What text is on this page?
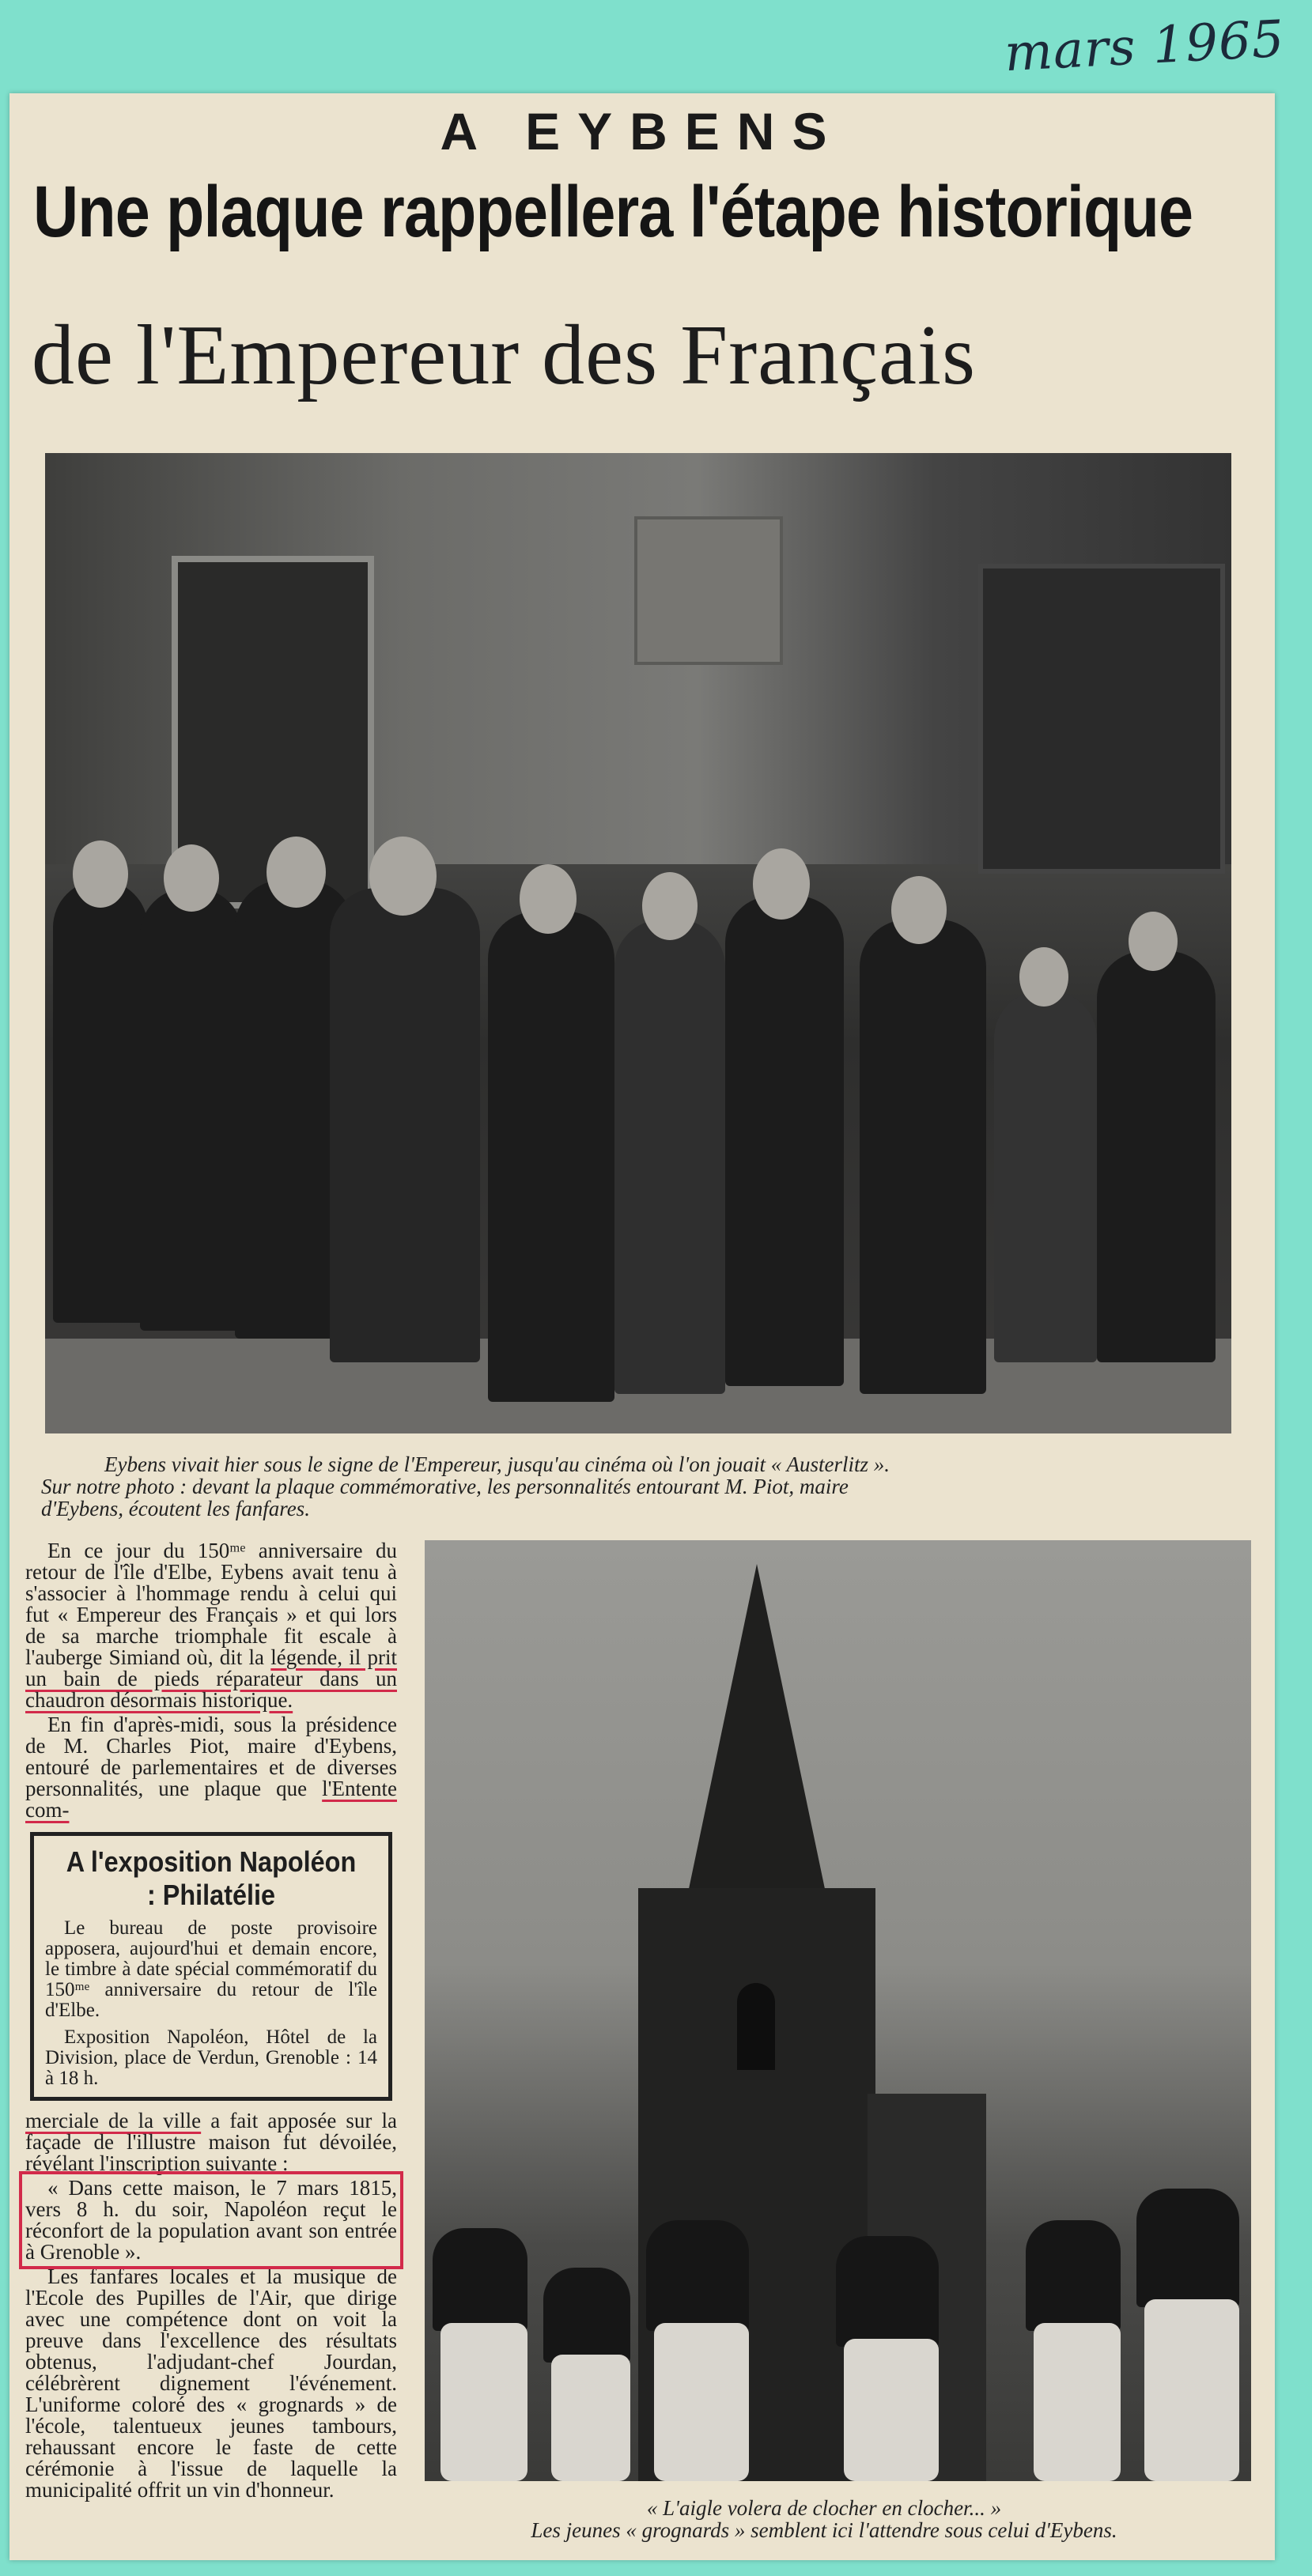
mars 1965
A EYBENS
Une plaque rappellera l'étape historique
de l'Empereur des Français

Eybens vivait hier sous le signe de l'Empereur, jusqu'au cinéma où l'on jouait « Austerlitz ».

Sur notre photo : devant la plaque commémorative, les personnalités entourant M. Piot, maire

d'Eybens, écoutent les fanfares.

En ce jour du 150ᵐᵉ anniversaire du retour de l'île d'Elbe, Eybens avait tenu à s'associer à l'hommage rendu à celui qui fut « Empereur des Français » et qui lors de sa marche triomphale fit escale à l'auberge Simiand où, dit la légende, il prit un bain de pieds réparateur dans un chaudron désormais historique.

En fin d'après-midi, sous la présidence de M. Charles Piot, maire d'Eybens, entouré de parlementaires et de diverses personnalités, une plaque que l'Entente com-

A l'exposition Napoléon : Philatélie

Le bureau de poste provisoire apposera, aujourd'hui et demain encore, le timbre à date spécial commémoratif du 150ᵐᵉ anniversaire du retour de l'île d'Elbe.

Exposition Napoléon, Hôtel de la Division, place de Verdun, Grenoble : 14 à 18 h.

merciale de la ville a fait apposée sur la façade de l'illustre maison fut dévoilée, révélant l'inscription suivante :

« Dans cette maison, le 7 mars 1815, vers 8 h. du soir, Napoléon reçut le réconfort de la population avant son entrée à Grenoble ».

Les fanfares locales et la musique de l'Ecole des Pupilles de l'Air, que dirige avec une compétence dont on voit la preuve dans l'excellence des résultats obtenus, l'adjudant-chef Jourdan, célébrèrent dignement l'événement. L'uniforme coloré des « grognards » de l'école, talentueux jeunes tambours, rehaussant encore le faste de cette cérémonie à l'issue de laquelle la municipalité offrit un vin d'honneur.

« L'aigle volera de clocher en clocher... »

Les jeunes « grognards » semblent ici l'attendre sous celui d'Eybens.
